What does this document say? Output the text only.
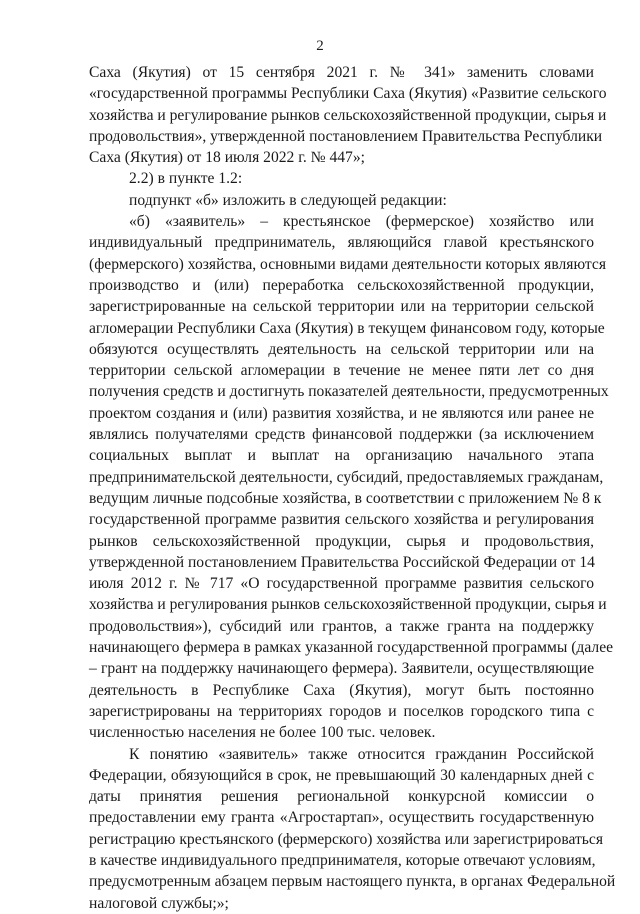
2
Саха (Якутия) от 15 сентября 2021 г. № 341» заменить словами
«государственной программы Республики Саха (Якутия) «Развитие сельского
хозяйства и регулирование рынков сельскохозяйственной продукции, сырья и
продовольствия», утвержденной постановлением Правительства Республики
Саха (Якутия) от 18 июля 2022 г. № 447»;
2.2) в пункте 1.2:
подпункт «б» изложить в следующей редакции:
«б) «заявитель» – крестьянское (фермерское) хозяйство или
индивидуальный предприниматель, являющийся главой крестьянского
(фермерского) хозяйства, основными видами деятельности которых являются
производство и (или) переработка сельскохозяйственной продукции,
зарегистрированные на сельской территории или на территории сельской
агломерации Республики Саха (Якутия) в текущем финансовом году, которые
обязуются осуществлять деятельность на сельской территории или на
территории сельской агломерации в течение не менее пяти лет со дня
получения средств и достигнуть показателей деятельности, предусмотренных
проектом создания и (или) развития хозяйства, и не являются или ранее не
являлись получателями средств финансовой поддержки (за исключением
социальных выплат и выплат на организацию начального этапа
предпринимательской деятельности, субсидий, предоставляемых гражданам,
ведущим личные подсобные хозяйства, в соответствии с приложением № 8 к
государственной программе развития сельского хозяйства и регулирования
рынков сельскохозяйственной продукции, сырья и продовольствия,
утвержденной постановлением Правительства Российской Федерации от 14
июля 2012 г. № 717 «О государственной программе развития сельского
хозяйства и регулирования рынков сельскохозяйственной продукции, сырья и
продовольствия»), субсидий или грантов, а также гранта на поддержку
начинающего фермера в рамках указанной государственной программы (далее
– грант на поддержку начинающего фермера). Заявители, осуществляющие
деятельность в Республике Саха (Якутия), могут быть постоянно
зарегистрированы на территориях городов и поселков городского типа с
численностью населения не более 100 тыс. человек.
К понятию «заявитель» также относится гражданин Российской
Федерации, обязующийся в срок, не превышающий 30 календарных дней с
даты принятия решения региональной конкурсной комиссии о
предоставлении ему гранта «Агростартап», осуществить государственную
регистрацию крестьянского (фермерского) хозяйства или зарегистрироваться
в качестве индивидуального предпринимателя, которые отвечают условиям,
предусмотренным абзацем первым настоящего пункта, в органах Федеральной
налоговой службы;»;
